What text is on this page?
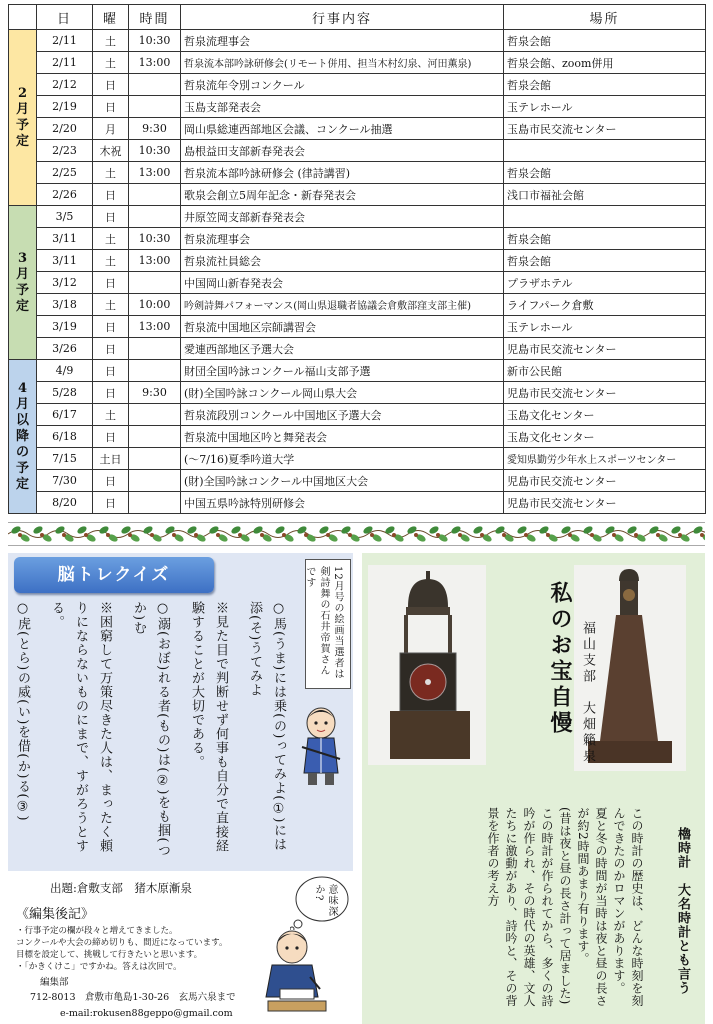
	日	曜	時間	行事内容	場所
2月予定	2/11	土	10:30	哲泉流理事会	哲泉会館
	2/11	土	13:00	哲泉流本部吟詠研修会(リモート併用、担当木村幻泉、河田薫泉)	哲泉会館、zoom併用
	2/12	日		哲泉流年令別コンクール	哲泉会館
	2/19	日		玉島支部発表会	玉テレホール
	2/20	月	9:30	岡山県総連西部地区会議、コンクール抽選	玉島市民交流センター
	2/23	木祝	10:30	島根益田支部新春発表会	
	2/25	土	13:00	哲泉流本部吟詠研修会 (律詩講習)	哲泉会館
	2/26	日		歌泉会創立5周年記念・新春発表会	浅口市福祉会館
3月予定	3/5	日		井原笠岡支部新春発表会	
	3/11	土	10:30	哲泉流理事会	哲泉会館
	3/11	土	13:00	哲泉流社員総会	哲泉会館
	3/12	日		中国岡山新春発表会	プラザホテル
	3/18	土	10:00	吟剣詩舞パフォーマンス(岡山県退職者協議会倉敷部窪支部主催)	ライフパーク倉敷
	3/19	日	13:00	哲泉流中国地区宗師講習会	玉テレホール
	3/26	日		愛連西部地区予選大会	児島市民交流センター
4月以降の予定	4/9	日		財団全国吟詠コンクール福山支部予選	新市公民館
	5/28	日	9:30	(財)全国吟詠コンクール岡山県大会	児島市民交流センター
	6/17	土		哲泉流段別コンクール中国地区予選大会	玉島文化センター
	6/18	日		哲泉流中国地区吟と舞発表会	玉島文化センター
	7/15	土日		(〜7/16)夏季吟道大学	愛知県勤労少年水上スポーツセンター
	7/30	日		(財)全国吟詠コンクール中国地区大会	児島市民交流センター
	8/20	日		中国五県吟詠特別研修会	児島市民交流センター
脳トレクイズ

○馬(うま)には乗(の)ってみよ(①)には添(そ)うてみよ

※見た目で判断せず何事も自分で直接経験することが大切である。

○溺(おぼ)れる者(もの)は(②)をも掴(つか)む

※困窮して万策尽きた人は、まったく頼りにならないものにまで、すがろうとする。

○虎(とら)の威(い)を借(か)る(③)	12月号の絵画当選者は剣詩舞の石井帝賀さんです
出題:倉敷支部　猪木原漸泉	意味深か?
《編集後記》
・行事予定の欄が段々と増えてきました。
コンクールや大会の締め切りも、間近になっています。
目標を設定して、挑戦して行きたいと思います。
・「かきくけこ」ですかね。答えは次回で。
編集部
712-8013　倉敷市亀島1-30-26　玄馬六泉まで
e-mail:rokusen88geppo@gmail.com
私のお宝自慢 福山支部　大畑籟泉
櫓時計　大名時計とも言う

この時計の歴史は、どんな時刻を刻んできたのかロマンがあります。

夏と冬の時間が当時は夜と昼の長さが約2時間あまり有ります。

(昔は夜と昼の長さ計って居ました)

この時計が作られてから、多くの詩吟が作られ、その時代の英雄、文人たちに激動があり、詩吟と、その背景を作者の考え方
